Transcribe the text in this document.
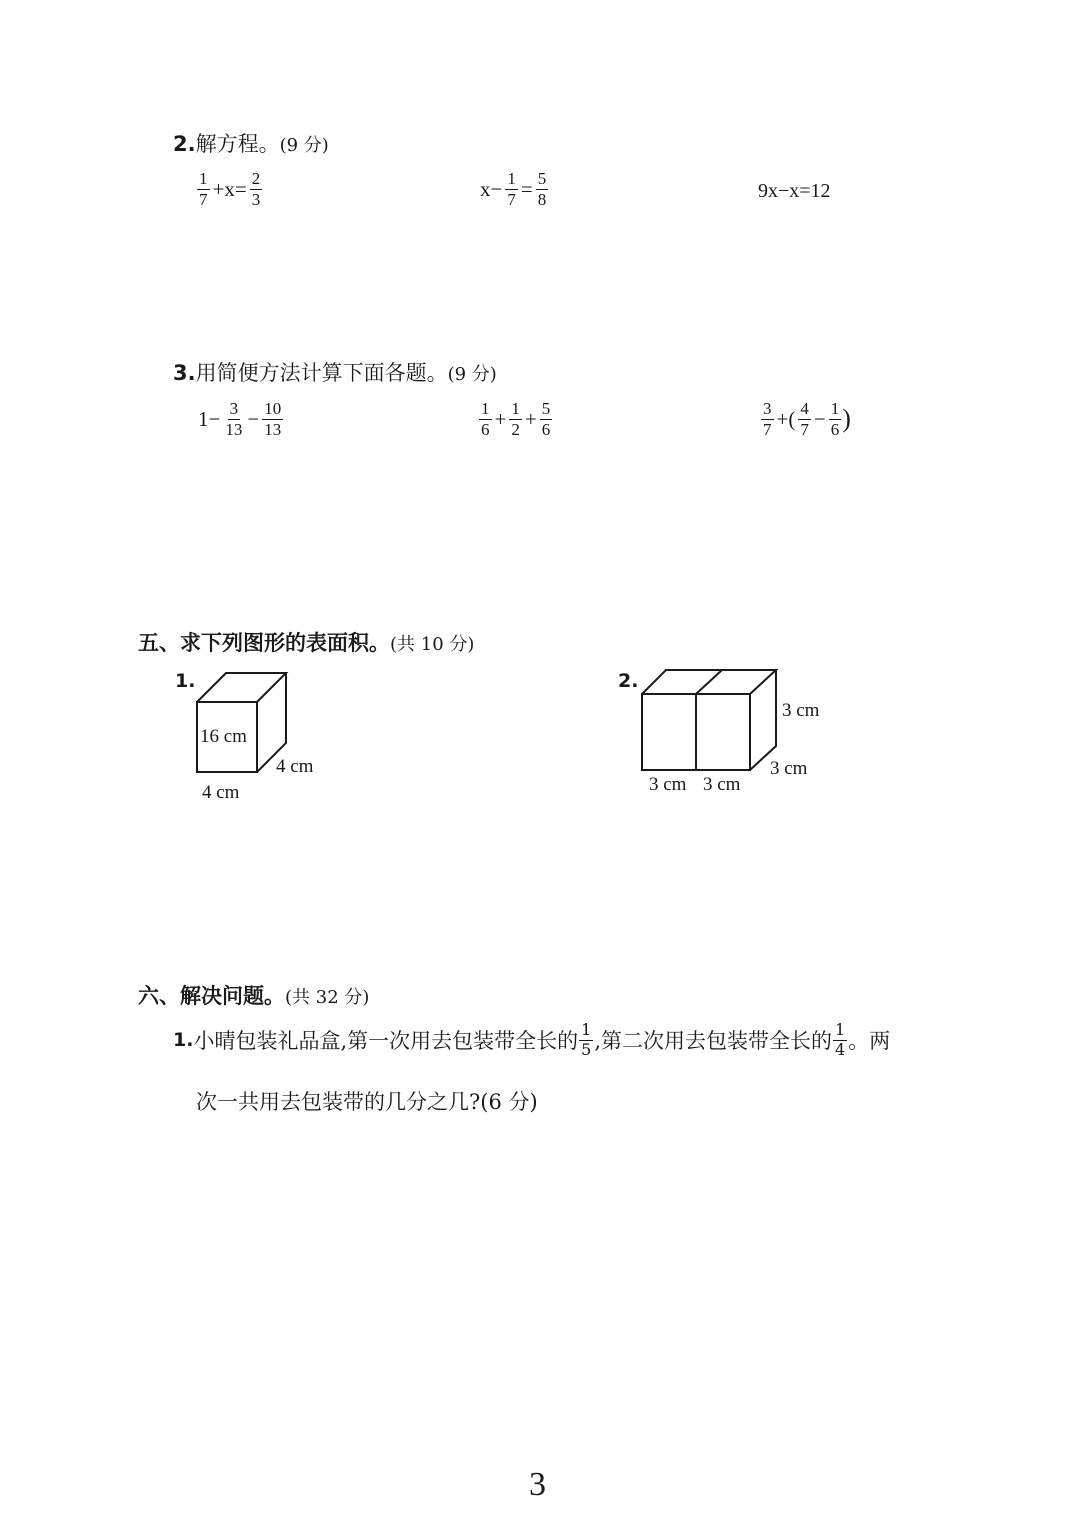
2.解方程。(9 分)
$\frac{1}{7} +x= \frac{2}{3}$	$x- \frac{1}{7} = \frac{5}{8}$	9x−x=12
3.用简便方法计算下面各题。(9 分)
$1- \frac{3}{13} - \frac{10}{13}$	$\frac{1}{6} + \frac{1}{2} + \frac{5}{6}$	$\frac{3}{7}$ +( $\frac{4}{7} - \frac{1}{6}$ )
五、求下列图形的表面积。(共 10 分)
1.
16 cm
4 cm
4 cm
2.
3 cm
3 cm
3 cm 3 cm
六、解决问题。(共 32 分)
1. 小晴包装礼品盒,第一次用去包装带全长的 $\frac{1}{5}$ ,第二次用去包装带全长的 $\frac{1}{4}$ 。两
次一共用去包装带的几分之几?(6 分)
3
